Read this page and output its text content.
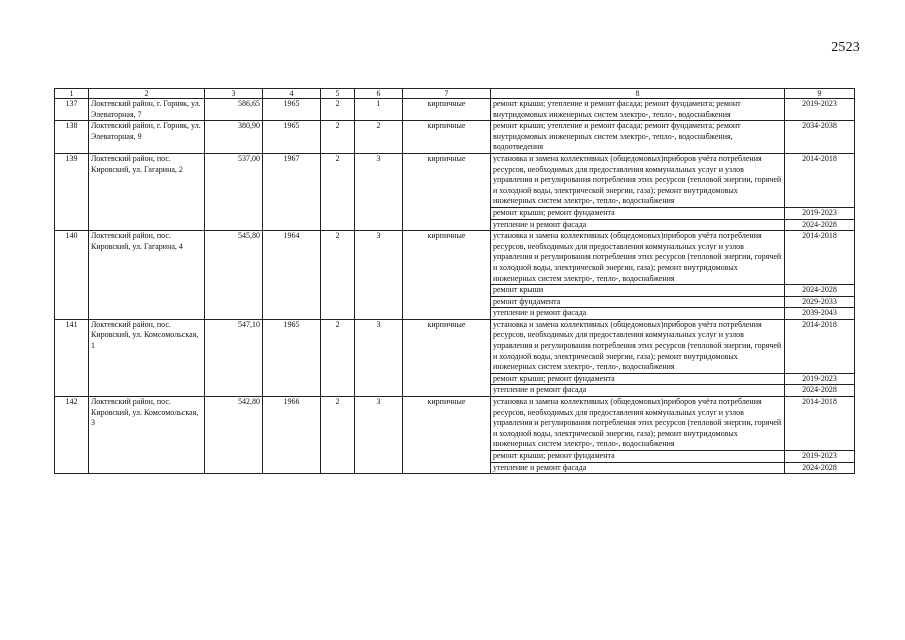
2523
1	2	3	4	5	6	7	8	9
137	Локтевский район, г. Горняк, ул. Элеваторная, 7	586,65	1965	2	1	кирпичные	ремонт крыши; утепление и ремонт фасада; ремонт фундамента; ремонт внутридомовых инженерных систем электро-, тепло-, водоснабжения	2019-2023
138	Локтевский район, г. Горняк, ул. Элеваторная, 9	380,90	1965	2	2	кирпичные	ремонт крыши; утепление и ремонт фасада; ремонт фундамента; ремонт внутридомовых инженерных систем электро-, тепло-, водоснабжения, водоотведения	2034-2038
139	Локтевский район, пос. Кировский, ул. Гагарина, 2	537,00	1967	2	3	кирпичные	установка и замена коллективных (общедомовых)приборов учёта потребления ресурсов, необходимых для предоставления коммунальных услуг и узлов управления и регулирования потребления этих ресурсов (тепловой энергии, горячей и холодной воды, электрической энергии, газа); ремонт внутридомовых инженерных систем электро-, тепло-, водоснабжения	2014-2018
							ремонт крыши; ремонт фундамента	2019-2023
							утепление и ремонт фасада	2024-2028
140	Локтевский район, пос. Кировский, ул. Гагарина, 4	545,80	1964	2	3	кирпичные	установка и замена коллективных (общедомовых)приборов учёта потребления ресурсов, необходимых для предоставления коммунальных услуг и узлов управления и регулирования потребления этих ресурсов (тепловой энергии, горячей и холодной воды, электрической энергии, газа); ремонт внутридомовых инженерных систем электро-, тепло-, водоснабжения	2014-2018
							ремонт крыши	2024-2028
							ремонт фундамента	2029-2033
							утепление и ремонт фасада	2039-2043
141	Локтевский район, пос. Кировский, ул. Комсомольская, 1	547,10	1965	2	3	кирпичные	установка и замена коллективных (общедомовых)приборов учёта потребления ресурсов, необходимых для предоставления коммунальных услуг и узлов управления и регулирования потребления этих ресурсов (тепловой энергии, горячей и холодной воды, электрической энергии, газа); ремонт внутридомовых инженерных систем электро-, тепло-, водоснабжения	2014-2018
							ремонт крыши; ремонт фундамента	2019-2023
							утепление и ремонт фасада	2024-2028
142	Локтевский район, пос. Кировский, ул. Комсомольская, 3	542,80	1966	2	3	кирпичные	установка и замена коллективных (общедомовых)приборов учёта потребления ресурсов, необходимых для предоставления коммунальных услуг и узлов управления и регулирования потребления этих ресурсов (тепловой энергии, горячей и холодной воды, электрической энергии, газа); ремонт внутридомовых инженерных систем электро-, тепло-, водоснабжения	2014-2018
							ремонт крыши; ремонт фундамента	2019-2023
							утепление и ремонт фасада	2024-2028
